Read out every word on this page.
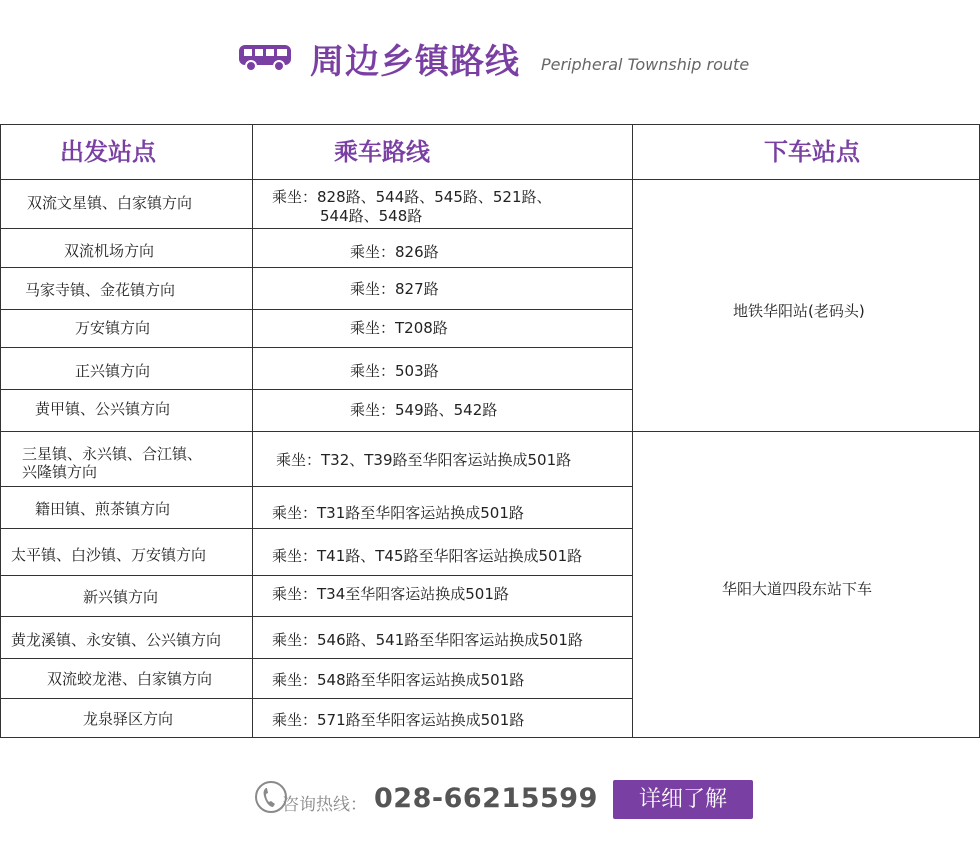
周边乡镇路线 Peripheral Township route
出发站点	乘车路线	下车站点
双流文星镇、白家镇方向	乘坐：828路、544路、545路、521路、
544路、548路
双流机场方向	乘坐：826路
马家寺镇、金花镇方向	乘坐：827路
万安镇方向	乘坐：T208路
正兴镇方向	乘坐：503路
黄甲镇、公兴镇方向	乘坐：549路、542路
地铁华阳站(老码头)
三星镇、永兴镇、合江镇、
兴隆镇方向
乘坐：T32、T39路至华阳客运站换成501路
籍田镇、煎茶镇方向	乘坐：T31路至华阳客运站换成501路
太平镇、白沙镇、万安镇方向	乘坐：T41路、T45路至华阳客运站换成501路
新兴镇方向	乘坐：T34至华阳客运站换成501路
黄龙溪镇、永安镇、公兴镇方向	乘坐：546路、541路至华阳客运站换成501路
双流蛟龙港、白家镇方向	乘坐：548路至华阳客运站换成501路
龙泉驿区方向	乘坐：571路至华阳客运站换成501路
华阳大道四段东站下车
咨询热线： 028-66215599	详细了解
